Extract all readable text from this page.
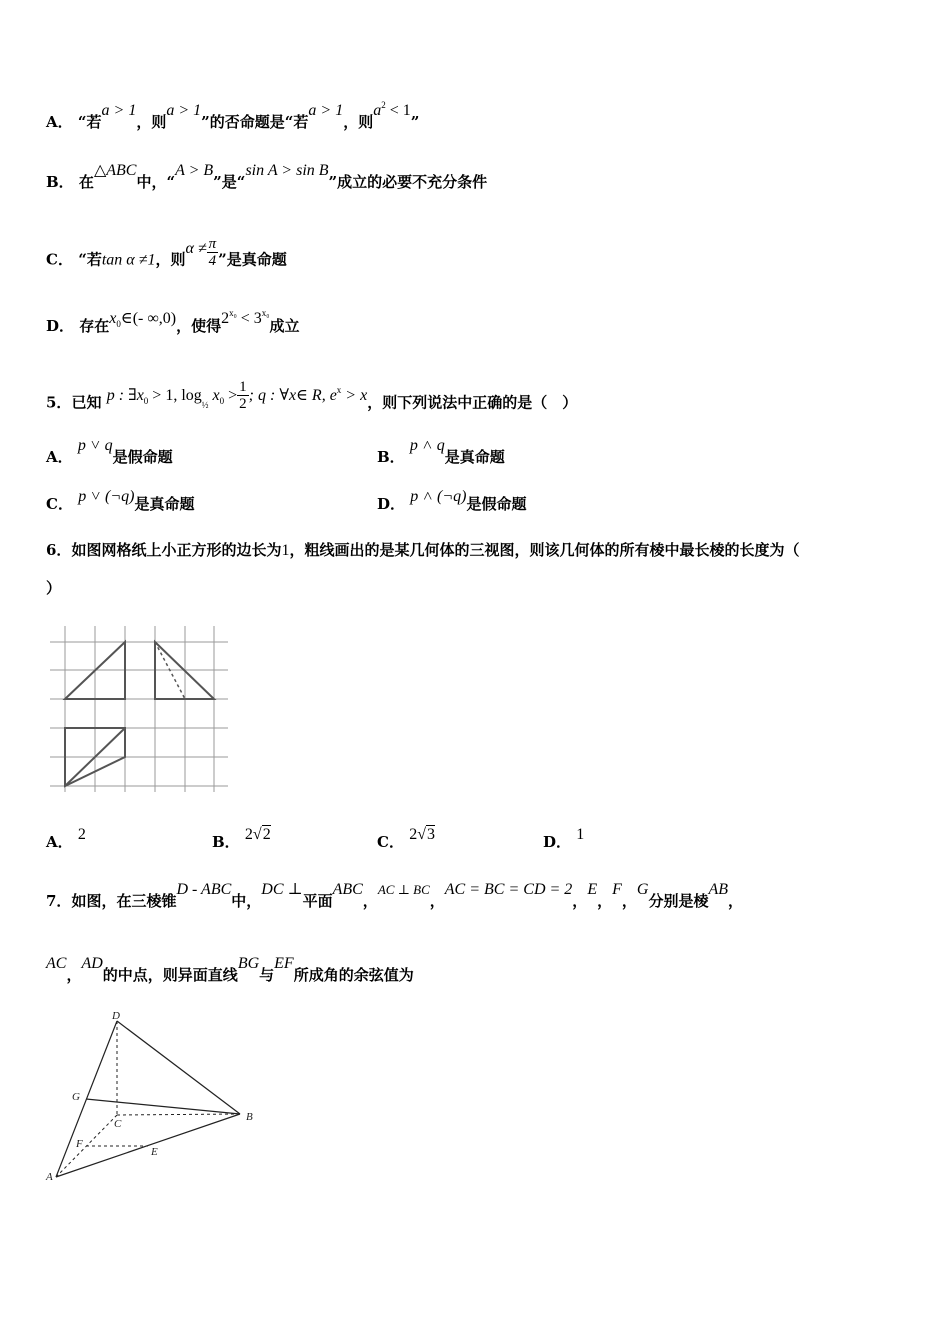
A． “若a > 1，则a > 1”的否命题是“若a > 1，则$a^2 < 1$”
B． 在△ABC中，“A > B”是“sin A > sin B”成立的必要不充分条件
C． “若tan α ≠1，则$\alpha \ne \frac{\pi}{4}$ ”是真命题
D． 存在$x_0\in(-$ ∞,0)，使得$2^{x_0} < 3^{x_0}$成立
5．已知 p : $\exists x_0 > 1$, $\log_{\frac{1}{2}} x_0 > \frac{1}{2}$ ; q : ∀x∈ R, $e^x > x$，则下列说法中正确的是（　）
A． p ˅ q是假命题	B． p ˄ q是真命题
C． p ˅ (¬q)是真命题	D． p ˄ (¬q)是假命题
6．如图网格纸上小正方形的边长为1，粗线画出的是某几何体的三视图，则该几何体的所有棱中最长棱的长度为（
）
A． 2	B． 2√2	C． 2√3	D． 1
7．如图，在三棱锥D - ABC中，DC ⊥平面ABC，AC ⊥ BC，AC = BC = CD = 2，E，F，G分别是棱AB，
AC，AD的中点，则异面直线BG与EF所成角的余弦值为
D
G
C
B
F
E
A
